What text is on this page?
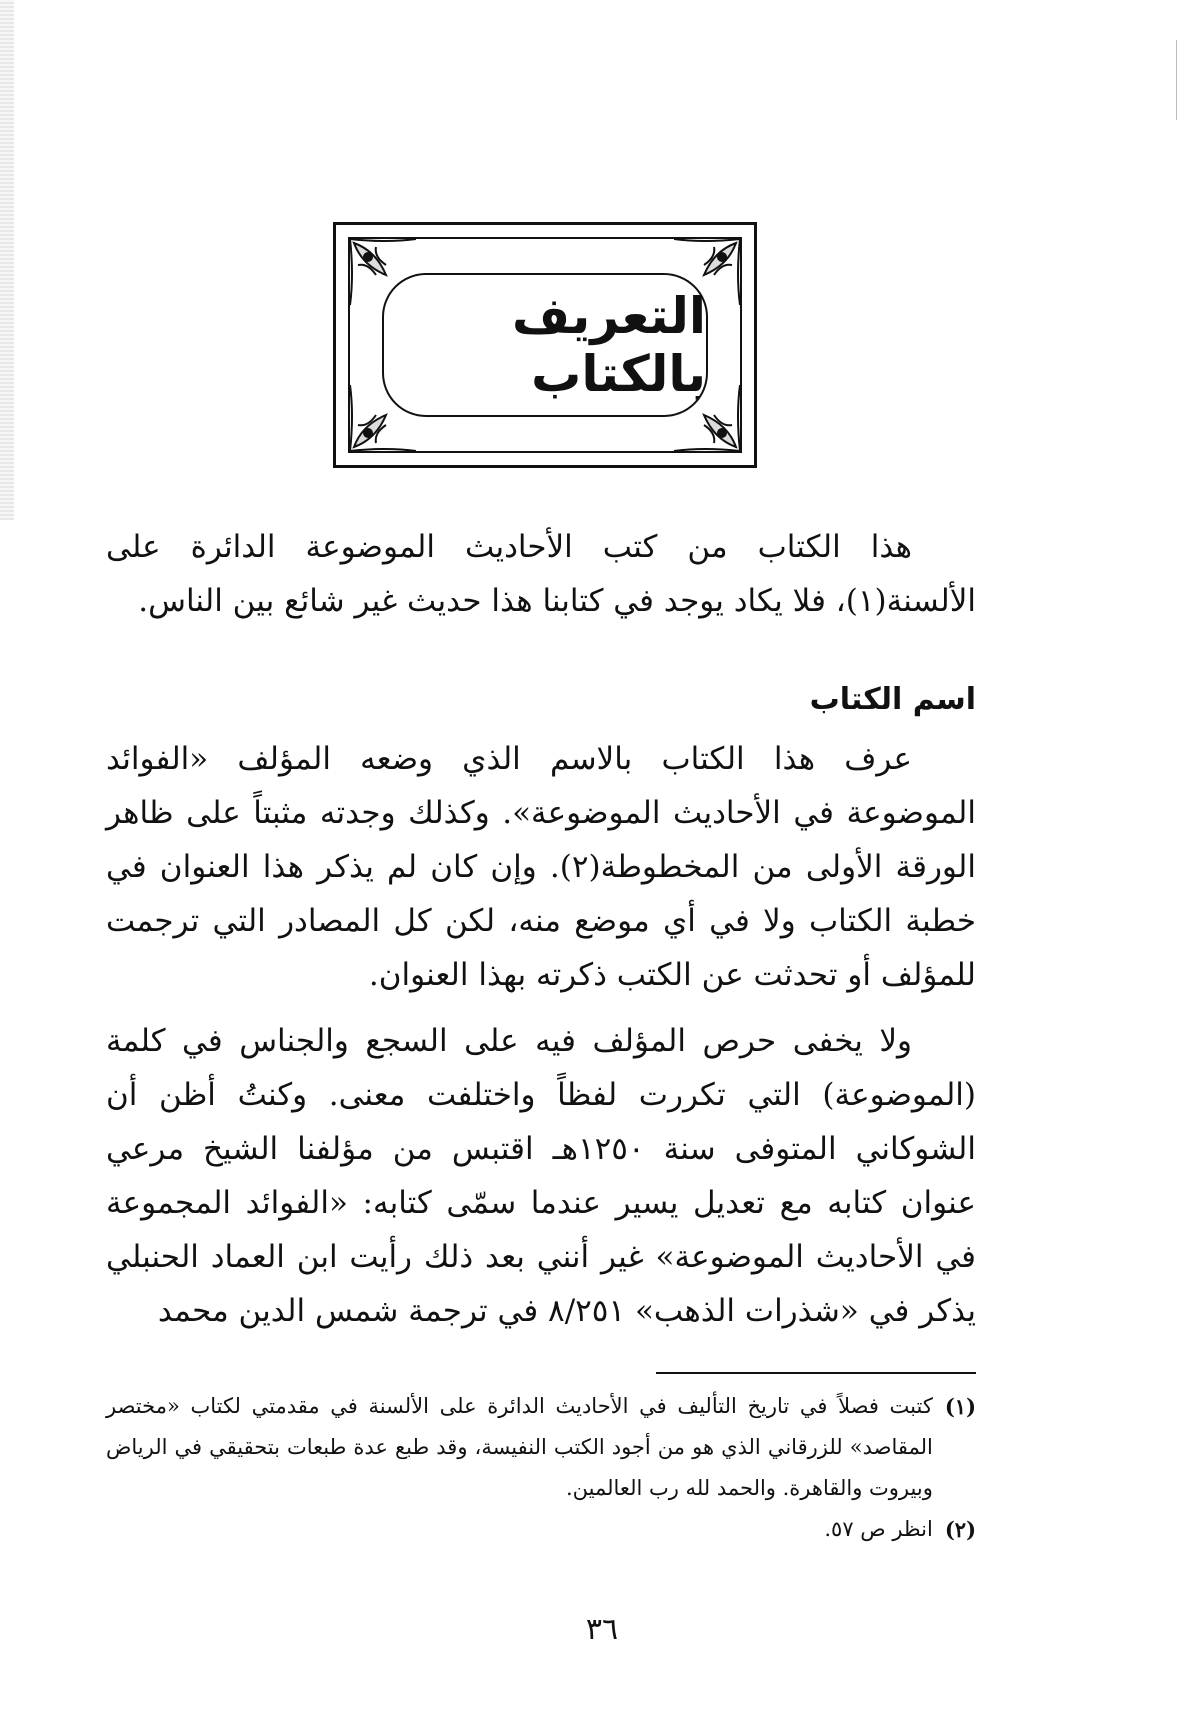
التعريف بالكتاب

هذا الكتاب من كتب الأحاديث الموضوعة الدائرة على الألسنة(١)، فلا يكاد يوجد في كتابنا هذا حديث غير شائع بين الناس.

اسم الكتاب

عرف هذا الكتاب بالاسم الذي وضعه المؤلف «الفوائد الموضوعة في الأحاديث الموضوعة». وكذلك وجدته مثبتاً على ظاهر الورقة الأولى من المخطوطة(٢). وإن كان لم يذكر هذا العنوان في خطبة الكتاب ولا في أي موضع منه، لكن كل المصادر التي ترجمت للمؤلف أو تحدثت عن الكتب ذكرته بهذا العنوان.

ولا يخفى حرص المؤلف فيه على السجع والجناس في كلمة (الموضوعة) التي تكررت لفظاً واختلفت معنى. وكنتُ أظن أن الشوكاني المتوفى سنة ١٢٥٠هـ اقتبس من مؤلفنا الشيخ مرعي عنوان كتابه مع تعديل يسير عندما سمّى كتابه: «الفوائد المجموعة في الأحاديث الموضوعة» غير أنني بعد ذلك رأيت ابن العماد الحنبلي يذكر في «شذرات الذهب» ٨/٢٥١ في ترجمة شمس الدين محمد

(١)
كتبت فصلاً في تاريخ التأليف في الأحاديث الدائرة على الألسنة في مقدمتي لكتاب «مختصر المقاصد» للزرقاني الذي هو من أجود الكتب النفيسة، وقد طبع عدة طبعات بتحقيقي في الرياض وبيروت والقاهرة. والحمد لله رب العالمين.

(٢)
انظر ص ٥٧.

٣٦
